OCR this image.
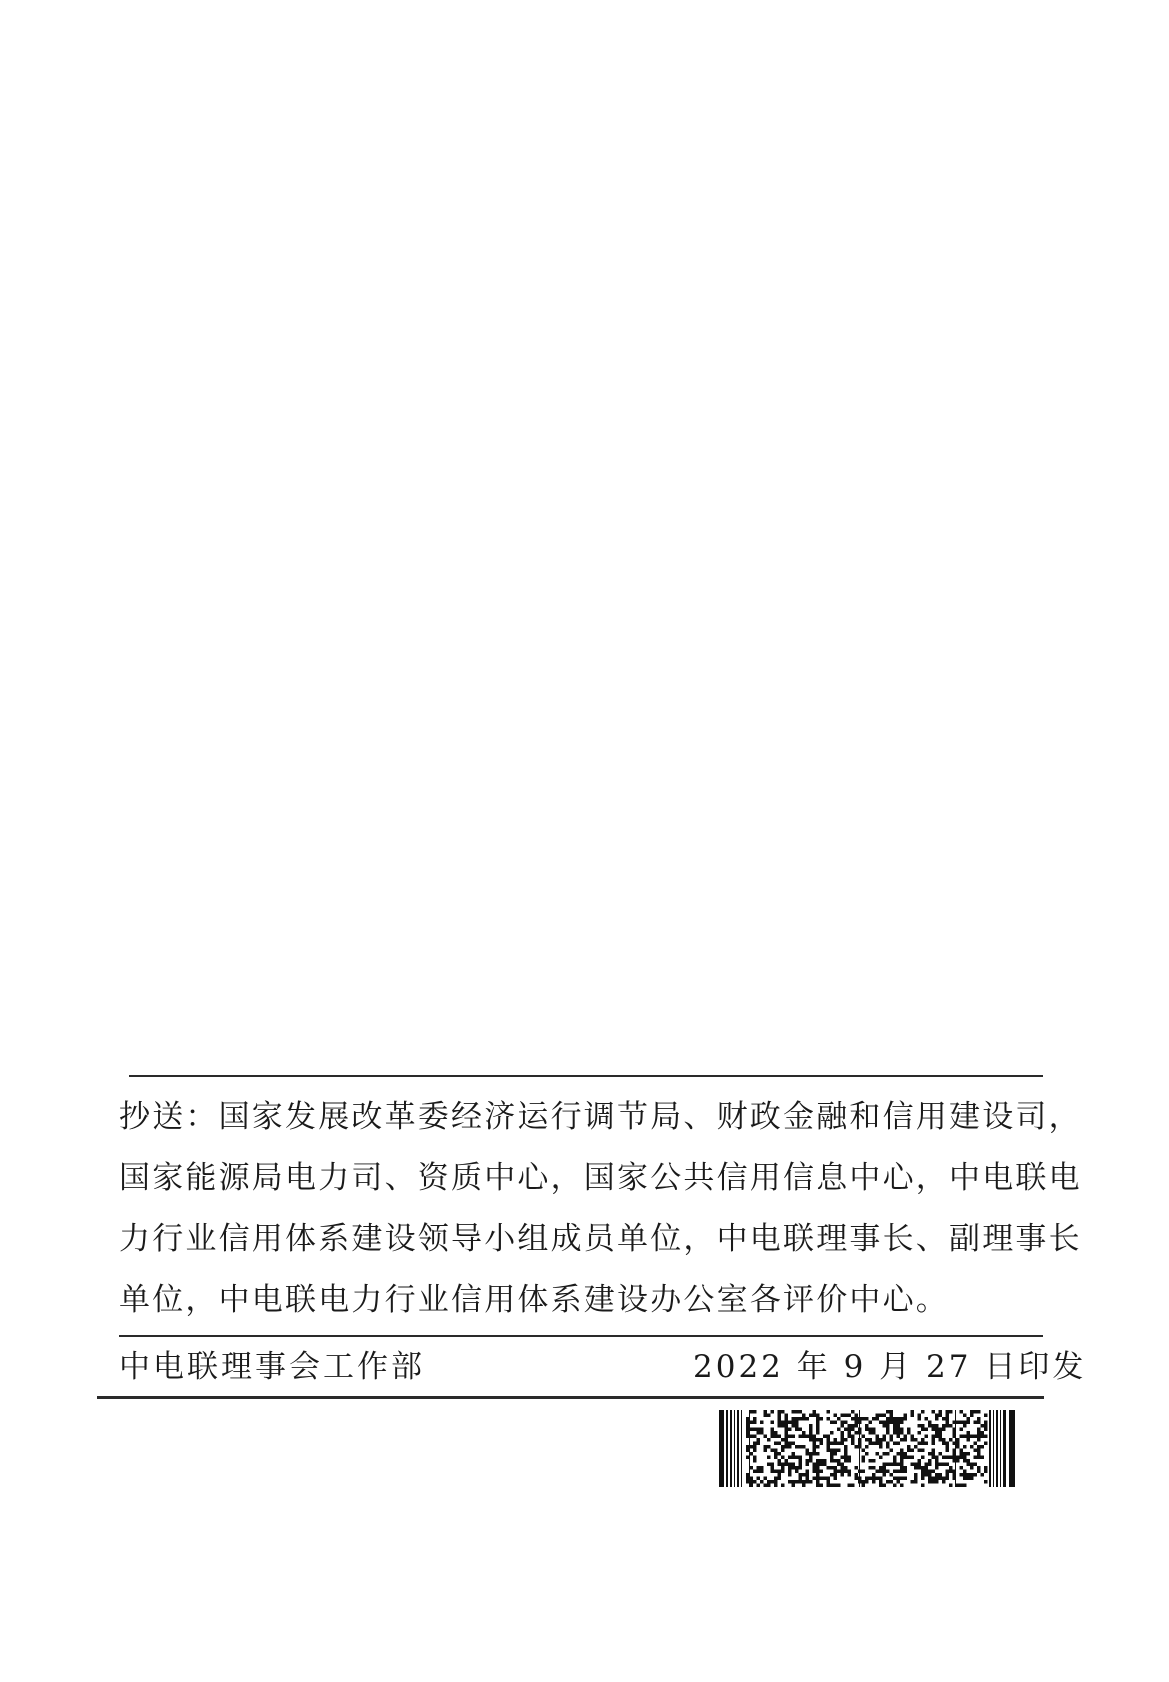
抄送：国家发展改革委经济运行调节局、财政金融和信用建设司，
国家能源局电力司、资质中心，国家公共信用信息中心，中电联电
力行业信用体系建设领导小组成员单位，中电联理事长、副理事长
单位，中电联电力行业信用体系建设办公室各评价中心。
中电联理事会工作部	2022 年 9 月 27 日印发
